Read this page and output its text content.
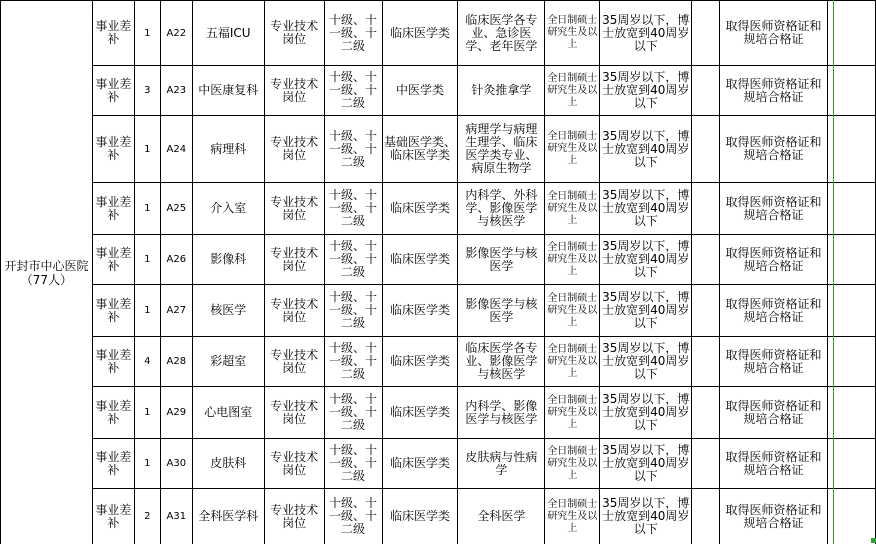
开封市中心医院
（77人）	事业差补	1	A22	五福ICU	专业技术岗位	十级、十一级、十二级	临床医学类	临床医学各专业、急诊医学、老年医学	全日制硕士研究生及以上	35周岁以下，博士放宽到40周岁以下		取得医师资格证和规培合格证	
	事业差补	3	A23	中医康复科	专业技术岗位	十级、十一级、十二级	中医学类	针灸推拿学	全日制硕士研究生及以上	35周岁以下，博士放宽到40周岁以下		取得医师资格证和规培合格证	
	事业差补	1	A24	病理科	专业技术岗位	十级、十一级、十二级	基础医学类、临床医学类	病理学与病理生理学、临床医学类专业、病原生物学	全日制硕士研究生及以上	35周岁以下，博士放宽到40周岁以下		取得医师资格证和规培合格证	
	事业差补	1	A25	介入室	专业技术岗位	十级、十一级、十二级	临床医学类	内科学、外科学、影像医学与核医学	全日制硕士研究生及以上	35周岁以下，博士放宽到40周岁以下		取得医师资格证和规培合格证	
	事业差补	1	A26	影像科	专业技术岗位	十级、十一级、十二级	临床医学类	影像医学与核医学	全日制硕士研究生及以上	35周岁以下，博士放宽到40周岁以下		取得医师资格证和规培合格证	
	事业差补	1	A27	核医学	专业技术岗位	十级、十一级、十二级	临床医学类	影像医学与核医学	全日制硕士研究生及以上	35周岁以下，博士放宽到40周岁以下		取得医师资格证和规培合格证	
	事业差补	4	A28	彩超室	专业技术岗位	十级、十一级、十二级	临床医学类	临床医学各专业、影像医学与核医学	全日制硕士研究生及以上	35周岁以下，博士放宽到40周岁以下		取得医师资格证和规培合格证	
	事业差补	1	A29	心电图室	专业技术岗位	十级、十一级、十二级	临床医学类	内科学、影像医学与核医学	全日制硕士研究生及以上	35周岁以下，博士放宽到40周岁以下		取得医师资格证和规培合格证	
	事业差补	1	A30	皮肤科	专业技术岗位	十级、十一级、十二级	临床医学类	皮肤病与性病学	全日制硕士研究生及以上	35周岁以下，博士放宽到40周岁以下		取得医师资格证和规培合格证	
	事业差补	2	A31	全科医学科	专业技术岗位	十级、十一级、十二级	临床医学类	全科医学	全日制硕士研究生及以上	35周岁以下，博士放宽到40周岁以下		取得医师资格证和规培合格证	
